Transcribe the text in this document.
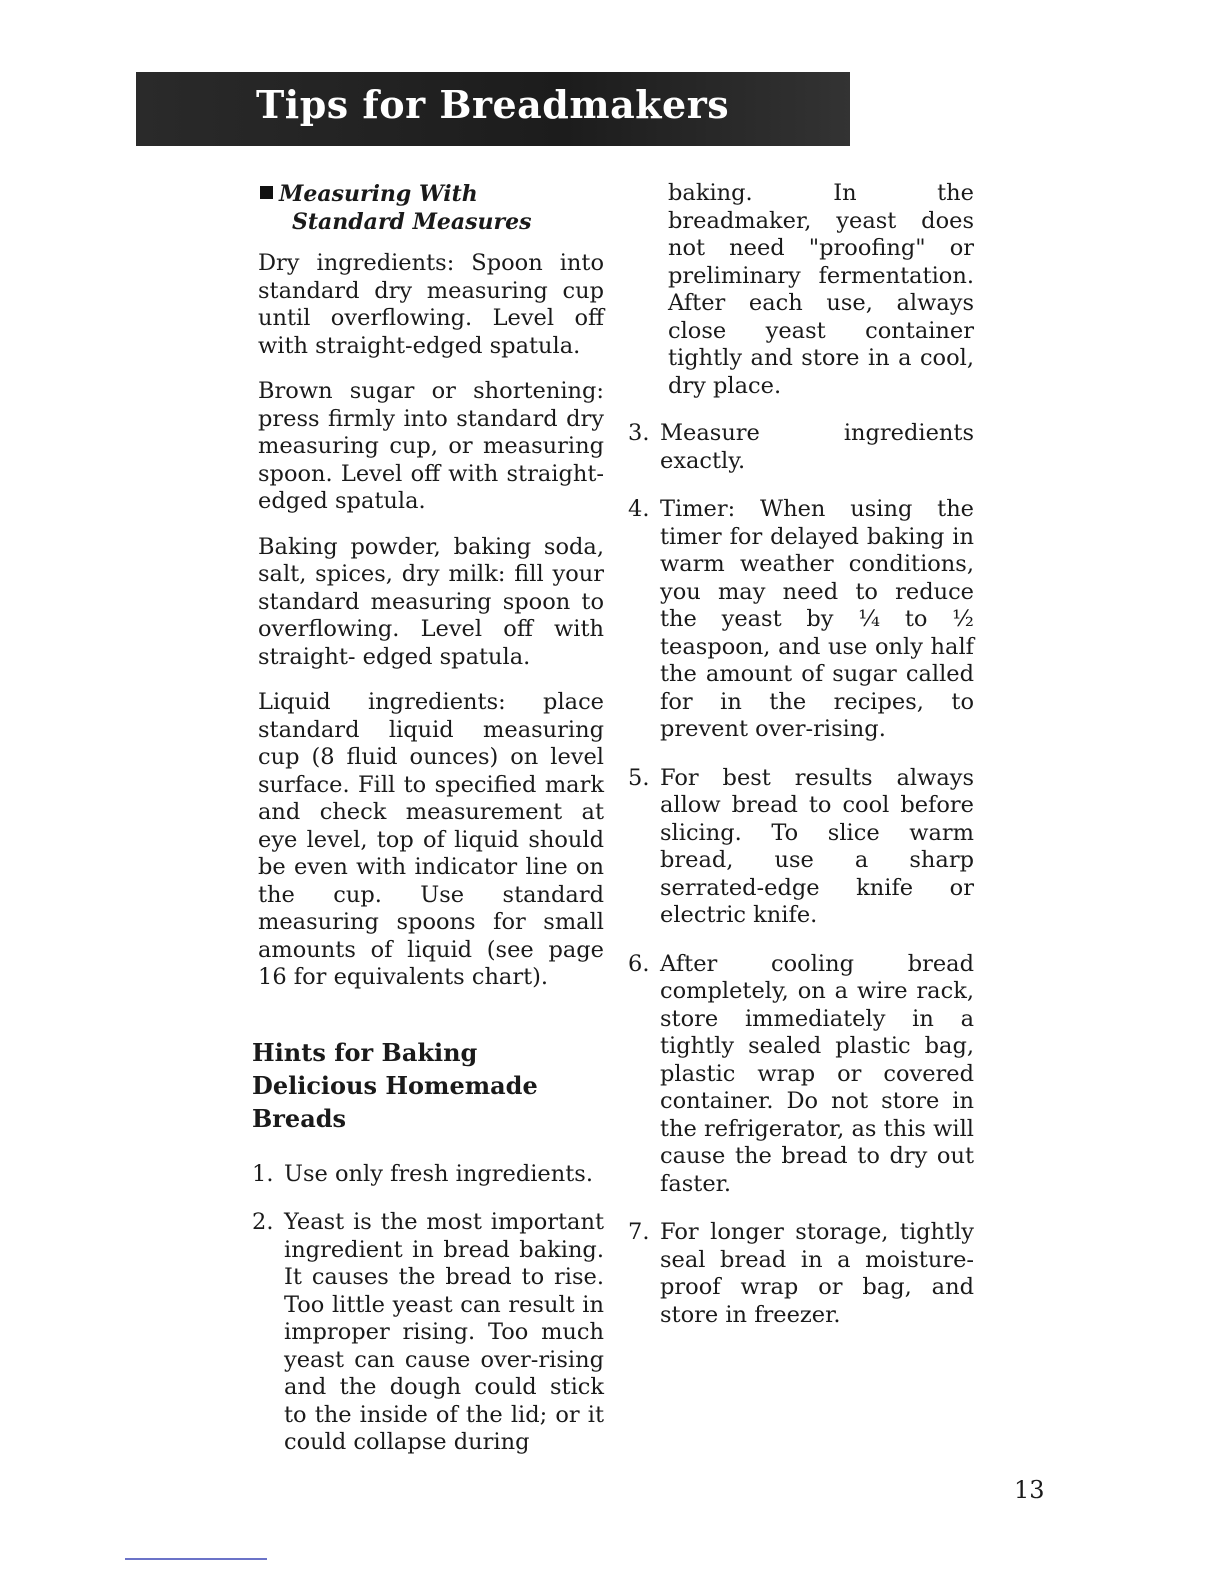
Tips for Breadmakers
Measuring With
Standard Measures

Dry ingredients: Spoon into standard dry measuring cup until overflowing. Level off with straight-edged spatula.

Brown sugar or shortening: press firmly into standard dry measuring cup, or measuring spoon. Level off with straight-edged spatula.

Baking powder, baking soda, salt, spices, dry milk: fill your standard measuring spoon to overflowing. Level off with straight- edged spatula.

Liquid ingredients: place standard liquid measuring cup (8 fluid ounces) on level surface. Fill to specified mark and check measurement at eye level, top of liquid should be even with indicator line on the cup. Use standard measuring spoons for small amounts of liquid (see page 16 for equivalents chart).

Hints for Baking Delicious Homemade Breads
1. Use only fresh ingredients.
2. Yeast is the most important ingredient in bread baking. It causes the bread to rise. Too little yeast can result in improper rising. Too much yeast can cause over-rising and the dough could stick to the inside of the lid; or it could collapse during

baking. In the breadmaker, yeast does not need "proofing" or preliminary fermentation. After each use, always close yeast container tightly and store in a cool, dry place.

3. Measure ingredients exactly.
4. Timer: When using the timer for delayed baking in warm weather conditions, you may need to reduce the yeast by ¼ to ½ teaspoon, and use only half the amount of sugar called for in the recipes, to prevent over-rising.
5. For best results always allow bread to cool before slicing. To slice warm bread, use a sharp serrated-edge knife or electric knife.
6. After cooling bread completely, on a wire rack, store immediately in a tightly sealed plastic bag, plastic wrap or covered container. Do not store in the refrigerator, as this will cause the bread to dry out faster.
7. For longer storage, tightly seal bread in a moisture-proof wrap or bag, and store in freezer.
13
